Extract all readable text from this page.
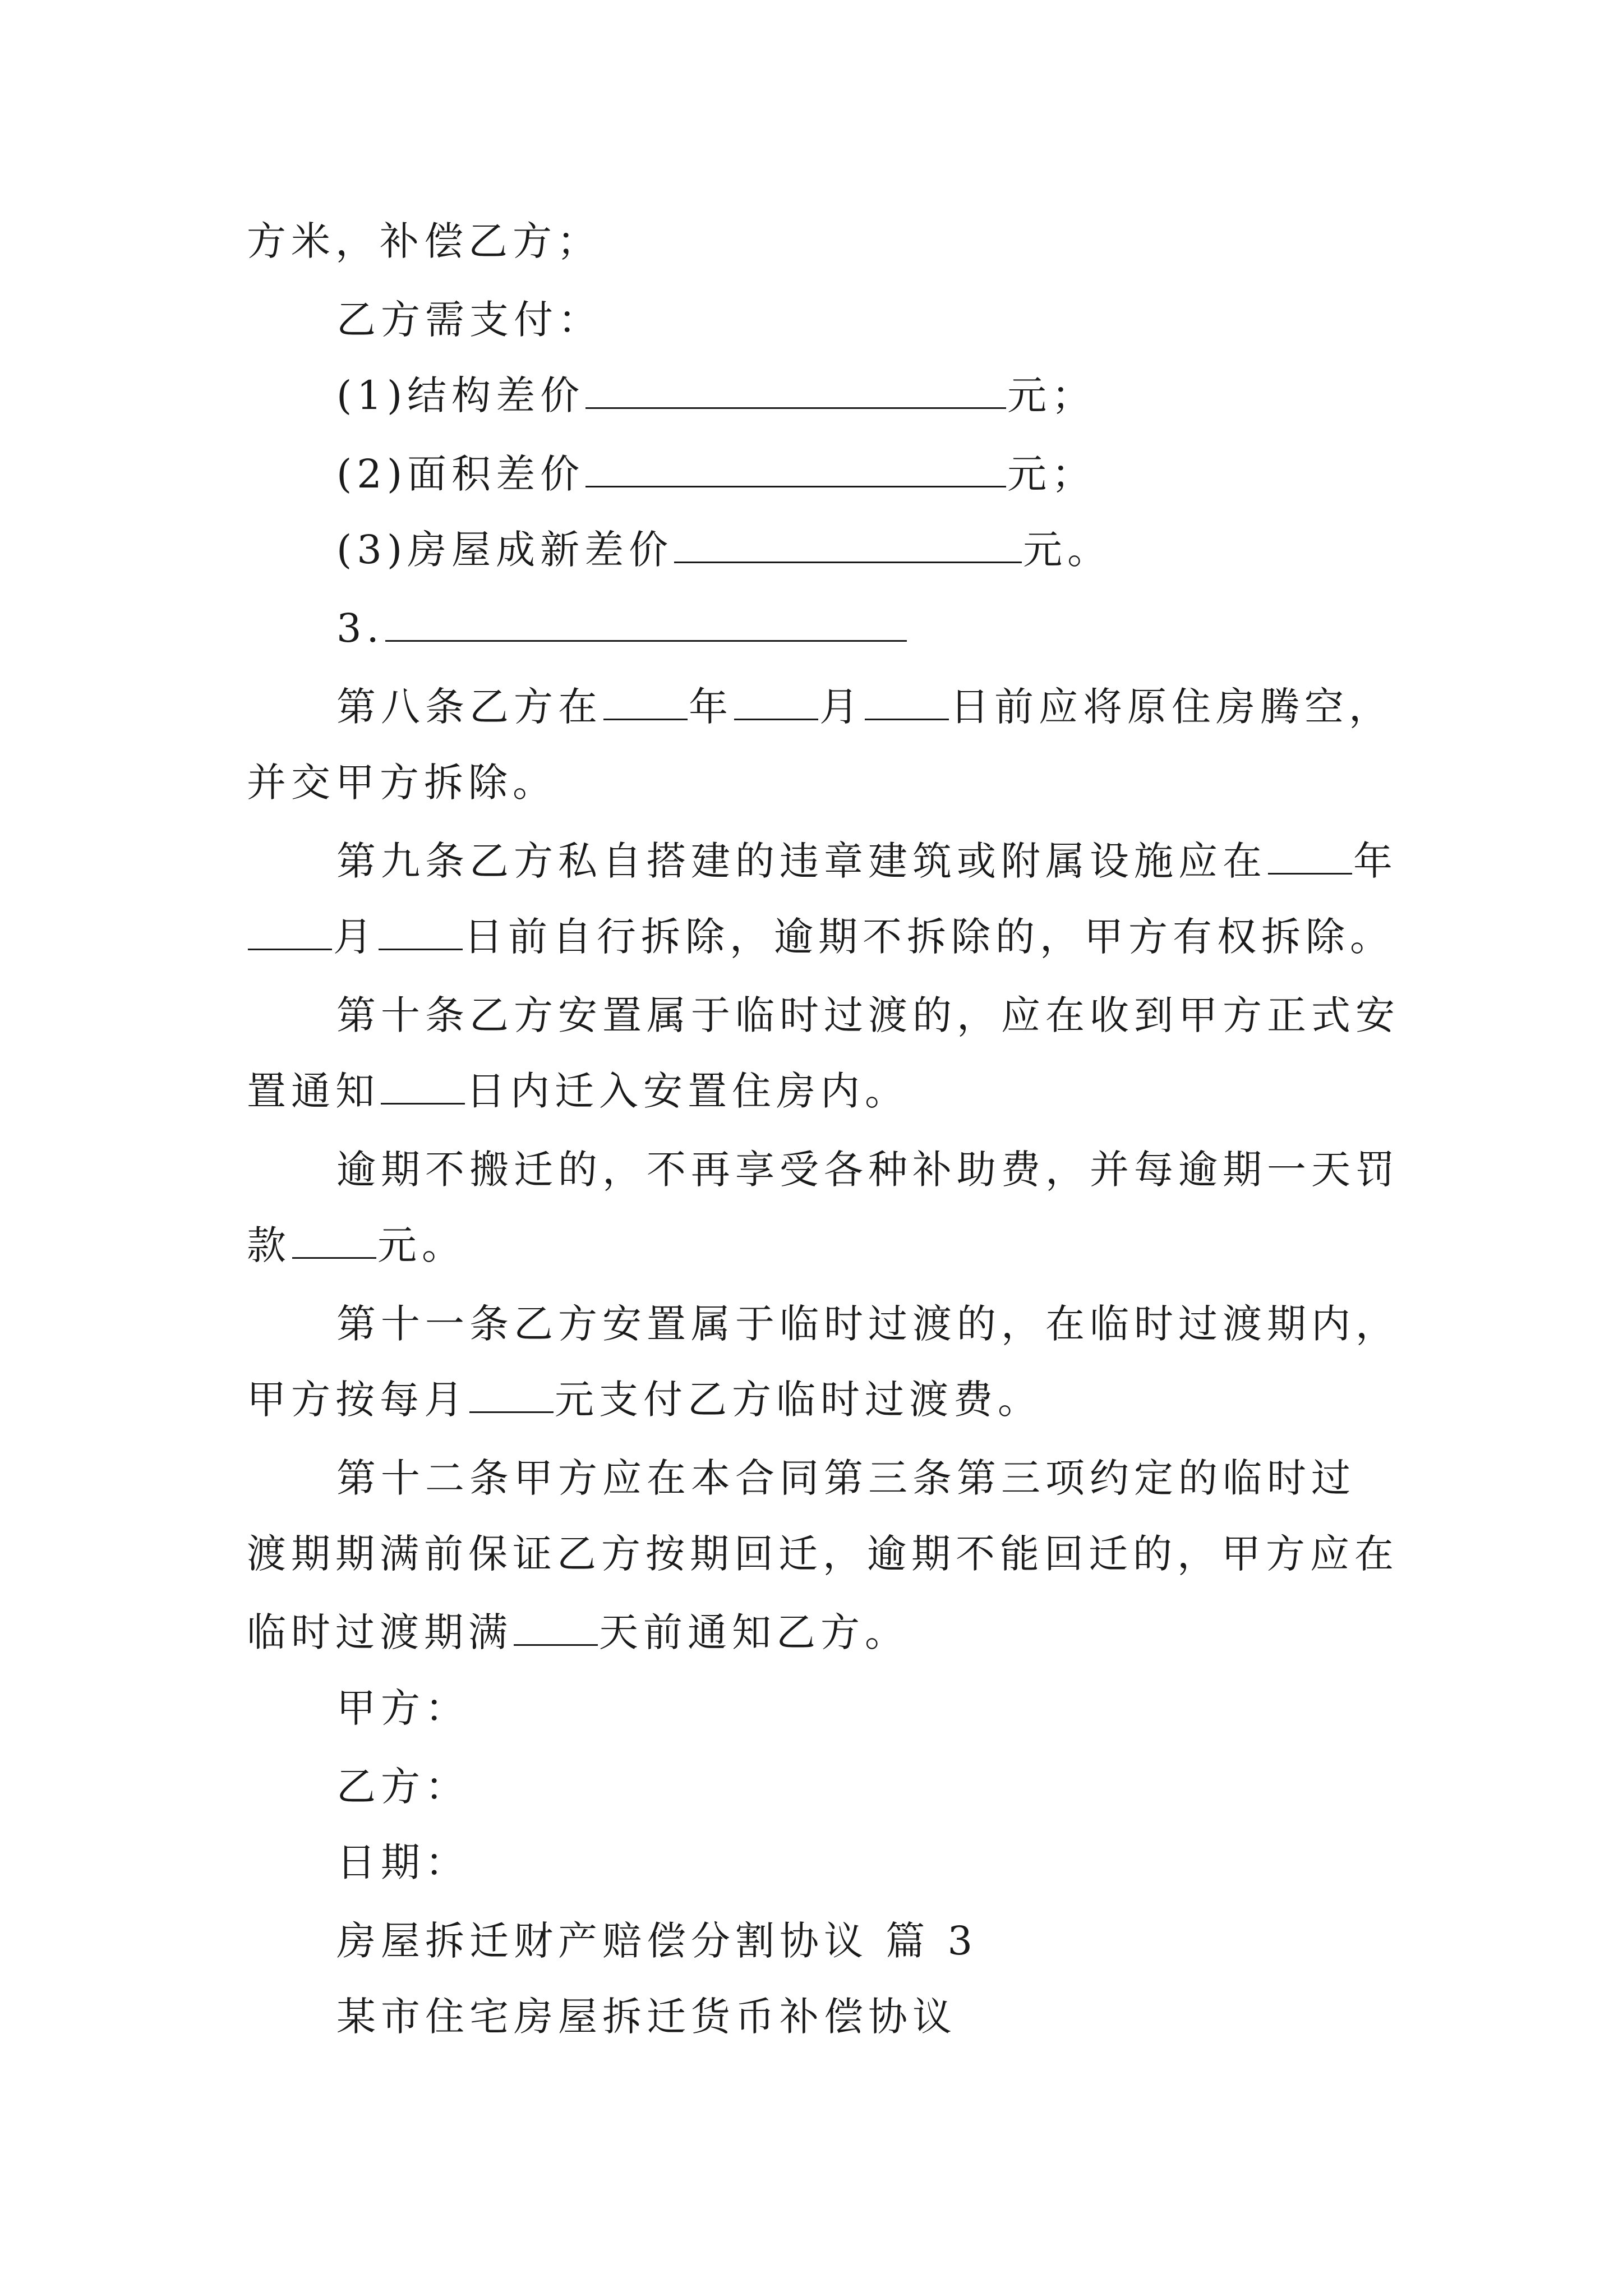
方米，补偿乙方；
乙方需支付：
(1)结构差价	元；
(2)面积差价	元；
(3)房屋成新差价	元。
3.
第八条乙方在 年 月 日前应将原住房腾空，
并交甲方拆除。
第九条乙方私自搭建的违章建筑或附属设施应在 年
月 日前自行拆除，逾期不拆除的，甲方有权拆除。
第十条乙方安置属于临时过渡的，应在收到甲方正式安
置通知 日内迁入安置住房内。
逾期不搬迁的，不再享受各种补助费，并每逾期一天罚
款 元。
第十一条乙方安置属于临时过渡的，在临时过渡期内，
甲方按每月 元支付乙方临时过渡费。
第十二条甲方应在本合同第三条第三项约定的临时过
渡期期满前保证乙方按期回迁，逾期不能回迁的，甲方应在
临时过渡期满 天前通知乙方。
甲方：
乙方：
日期：
房屋拆迁财产赔偿分割协议 篇 3
某市住宅房屋拆迁货币补偿协议
